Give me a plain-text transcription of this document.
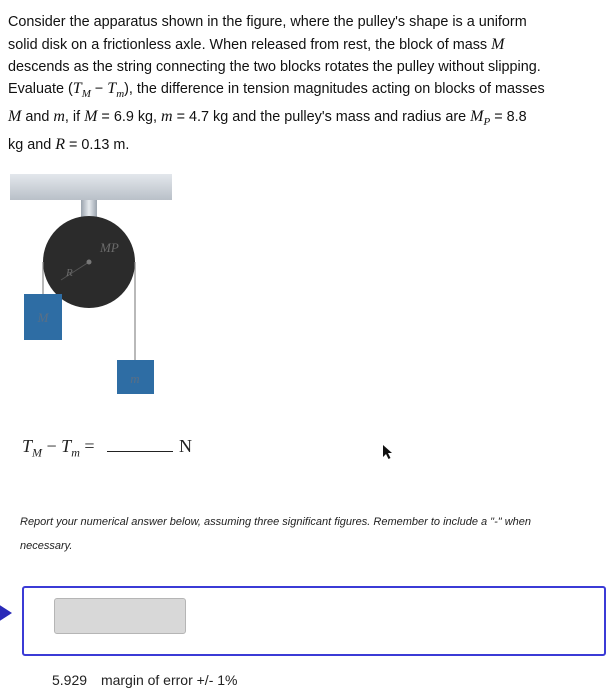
Consider the apparatus shown in the figure, where the pulley's shape is a uniform
solid disk on a frictionless axle. When released from rest, the block of mass M
descends as the string connecting the two blocks rotates the pulley without slipping.
Evaluate $(T_M - T_m)$, the difference in tension magnitudes acting on blocks of masses
M and m, if M = 6.9 kg, m = 4.7 kg and the pulley's mass and radius are $M_P = 8.8$
kg and R = 0.13 m.
MP
R
M
m
$T_M - T_m$ =	N
Report your numerical answer below, assuming three significant figures. Remember to include a "-" when necessary.
5.929 margin of error +/- 1%
